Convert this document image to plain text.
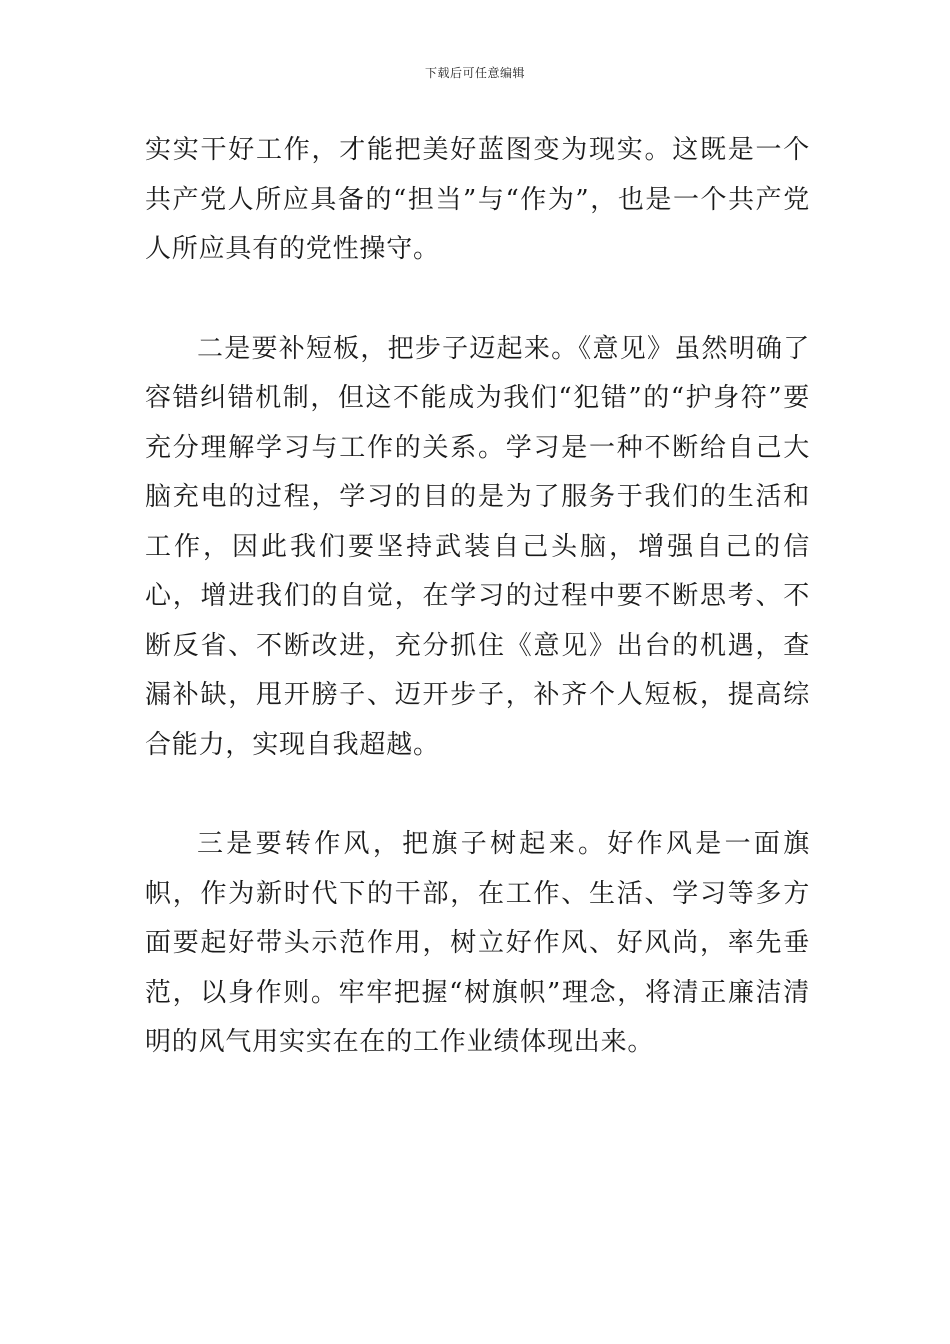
下载后可任意编辑

实实干好工作，才能把美好蓝图变为现实。这既是一个共产党人所应具备的“担当”与“作为”，也是一个共产党人所应具有的党性操守。

二是要补短板，把步子迈起来。《意见》虽然明确了容错纠错机制，但这不能成为我们“犯错”的“护身符”要充分理解学习与工作的关系。学习是一种不断给自己大脑充电的过程，学习的目的是为了服务于我们的生活和工作，因此我们要坚持武装自己头脑，增强自己的信心，增进我们的自觉，在学习的过程中要不断思考、不断反省、不断改进，充分抓住《意见》出台的机遇，查漏补缺，甩开膀子、迈开步子，补齐个人短板，提高综合能力，实现自我超越。

三是要转作风，把旗子树起来。好作风是一面旗帜，作为新时代下的干部，在工作、生活、学习等多方面要起好带头示范作用，树立好作风、好风尚，率先垂范，以身作则。牢牢把握“树旗帜”理念，将清正廉洁清明的风气用实实在在的工作业绩体现出来。
